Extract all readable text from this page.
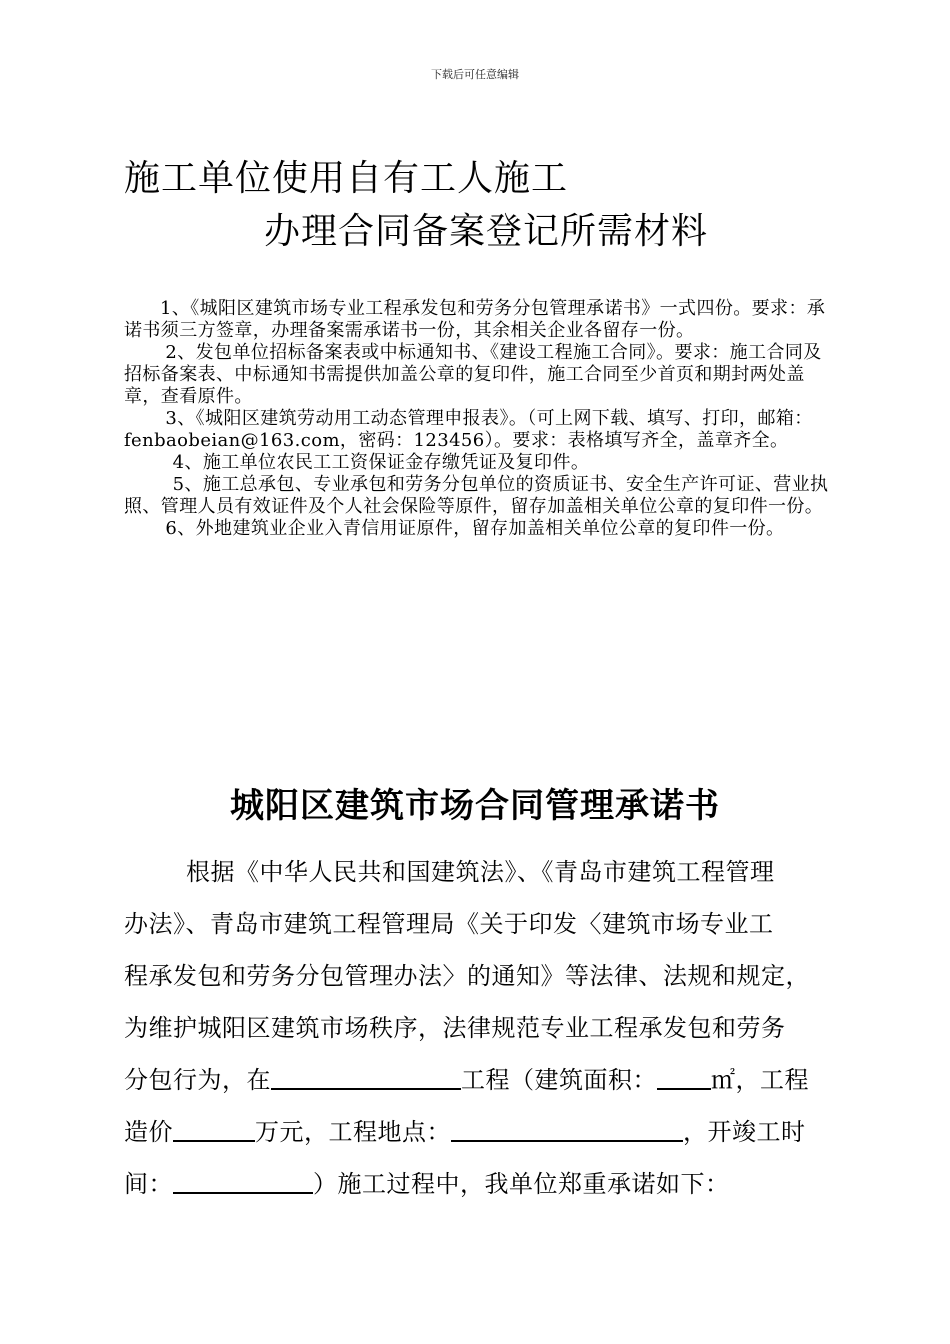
下载后可任意编辑
施工单位使用自有工人施工
办理合同备案登记所需材料

1、《城阳区建筑市场专业工程承发包和劳务分包管理承诺书》一式四份。要求：承诺书须三方签章，办理备案需承诺书一份，其余相关企业各留存一份。

2、发包单位招标备案表或中标通知书、《建设工程施工合同》。要求：施工合同及招标备案表、中标通知书需提供加盖公章的复印件，施工合同至少首页和期封两处盖章，查看原件。

3、《城阳区建筑劳动用工动态管理申报表》。（可上网下载、填写、打印，邮箱：fenbaobeian@163.com，密码：123456）。要求：表格填写齐全，盖章齐全。

4、施工单位农民工工资保证金存缴凭证及复印件。

5、施工总承包、专业承包和劳务分包单位的资质证书、安全生产许可证、营业执照、管理人员有效证件及个人社会保险等原件，留存加盖相关单位公章的复印件一份。

6、外地建筑业企业入青信用证原件，留存加盖相关单位公章的复印件一份。

城阳区建筑市场合同管理承诺书
根据《中华人民共和国建筑法》、《青岛市建筑工程管理
办法》、青岛市建筑工程管理局《关于印发〈建筑市场专业工
程承发包和劳务分包管理办法〉的通知》等法律、法规和规定，
为维护城阳区建筑市场秩序，法律规范专业工程承发包和劳务
分包行为，在	工程（建筑面积： ㎡，工程
造价	万元，工程地点：	，开竣工时
间：	）施工过程中，我单位郑重承诺如下：
